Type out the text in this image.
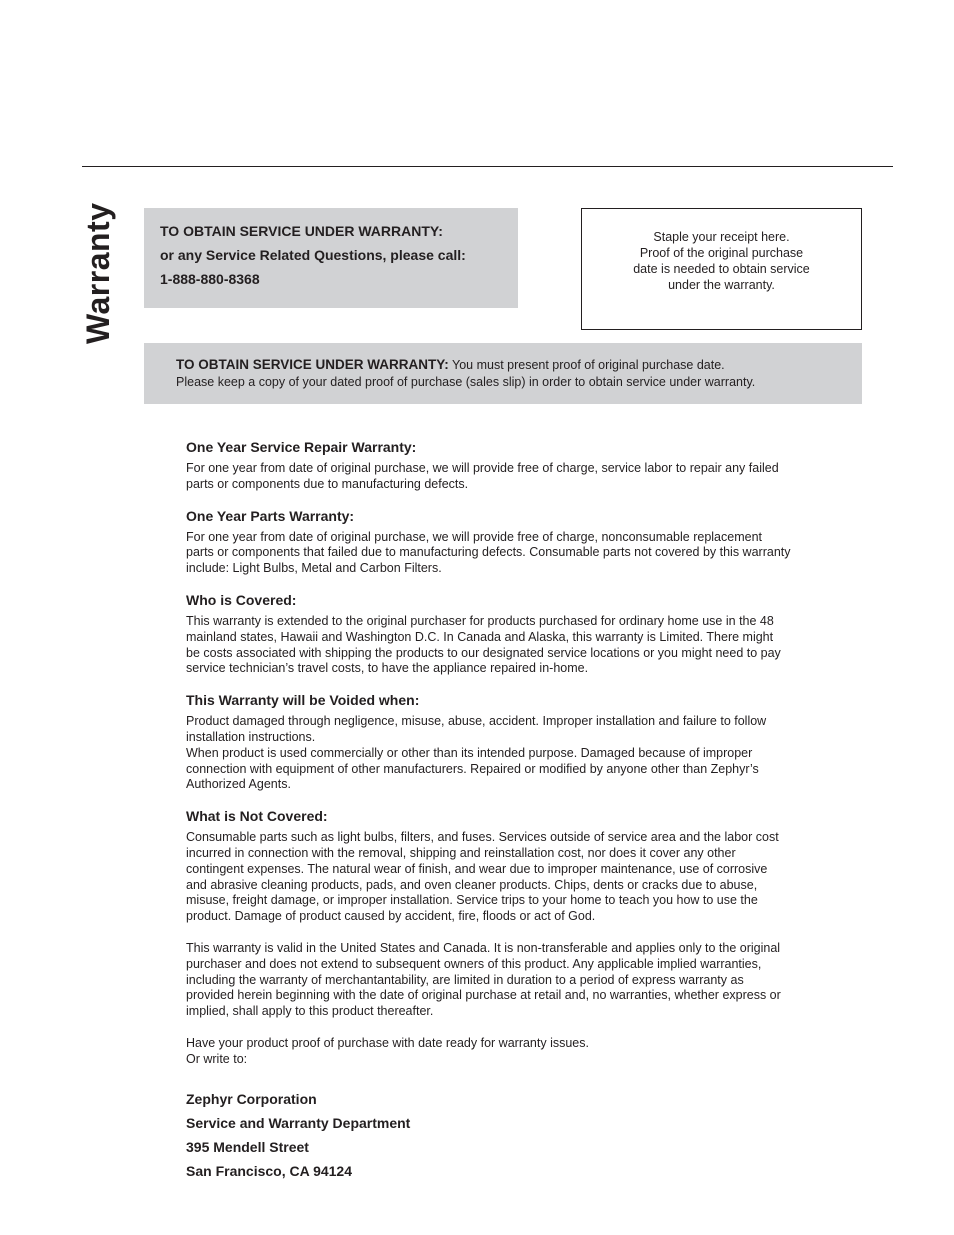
Warranty	TO OBTAIN SERVICE UNDER WARRANTY:
or any Service Related Questions, please call:
1-888-880-8368
Staple your receipt here.
Proof of the original purchase
date is needed to obtain service
under the warranty.
TO OBTAIN SERVICE UNDER WARRANTY: You must present proof of original purchase date.
Please keep a copy of your dated proof of purchase (sales slip) in order to obtain service under warranty.
One Year Service Repair Warranty:
For one year from date of original purchase, we will provide free of charge, service labor to repair any failed
parts or components due to manufacturing defects.
One Year Parts Warranty:
For one year from date of original purchase, we will provide free of charge, nonconsumable replacement
parts or components that failed due to manufacturing defects. Consumable parts not covered by this warranty
include: Light Bulbs, Metal and Carbon Filters.
Who is Covered:
This warranty is extended to the original purchaser for products purchased for ordinary home use in the 48
mainland states, Hawaii and Washington D.C. In Canada and Alaska, this warranty is Limited. There might
be costs associated with shipping the products to our designated service locations or you might need to pay
service technician’s travel costs, to have the appliance repaired in-home.
This Warranty will be Voided when:
Product damaged through negligence, misuse, abuse, accident. Improper installation and failure to follow
installation instructions.
When product is used commercially or other than its intended purpose. Damaged because of improper
connection with equipment of other manufacturers. Repaired or modified by anyone other than Zephyr’s
Authorized Agents.
What is Not Covered:
Consumable parts such as light bulbs, filters, and fuses. Services outside of service area and the labor cost
incurred in connection with the removal, shipping and reinstallation cost, nor does it cover any other
contingent expenses. The natural wear of finish, and wear due to improper maintenance, use of corrosive
and abrasive cleaning products, pads, and oven cleaner products. Chips, dents or cracks due to abuse,
misuse, freight damage, or improper installation. Service trips to your home to teach you how to use the
product. Damage of product caused by accident, fire, floods or act of God.
This warranty is valid in the United States and Canada. It is non-transferable and applies only to the original
purchaser and does not extend to subsequent owners of this product. Any applicable implied warranties,
including the warranty of merchantantability, are limited in duration to a period of express warranty as
provided herein beginning with the date of original purchase at retail and, no warranties, whether express or
implied, shall apply to this product thereafter.
Have your product proof of purchase with date ready for warranty issues.
Or write to:
Zephyr Corporation
Service and Warranty Department
395 Mendell Street
San Francisco, CA 94124
